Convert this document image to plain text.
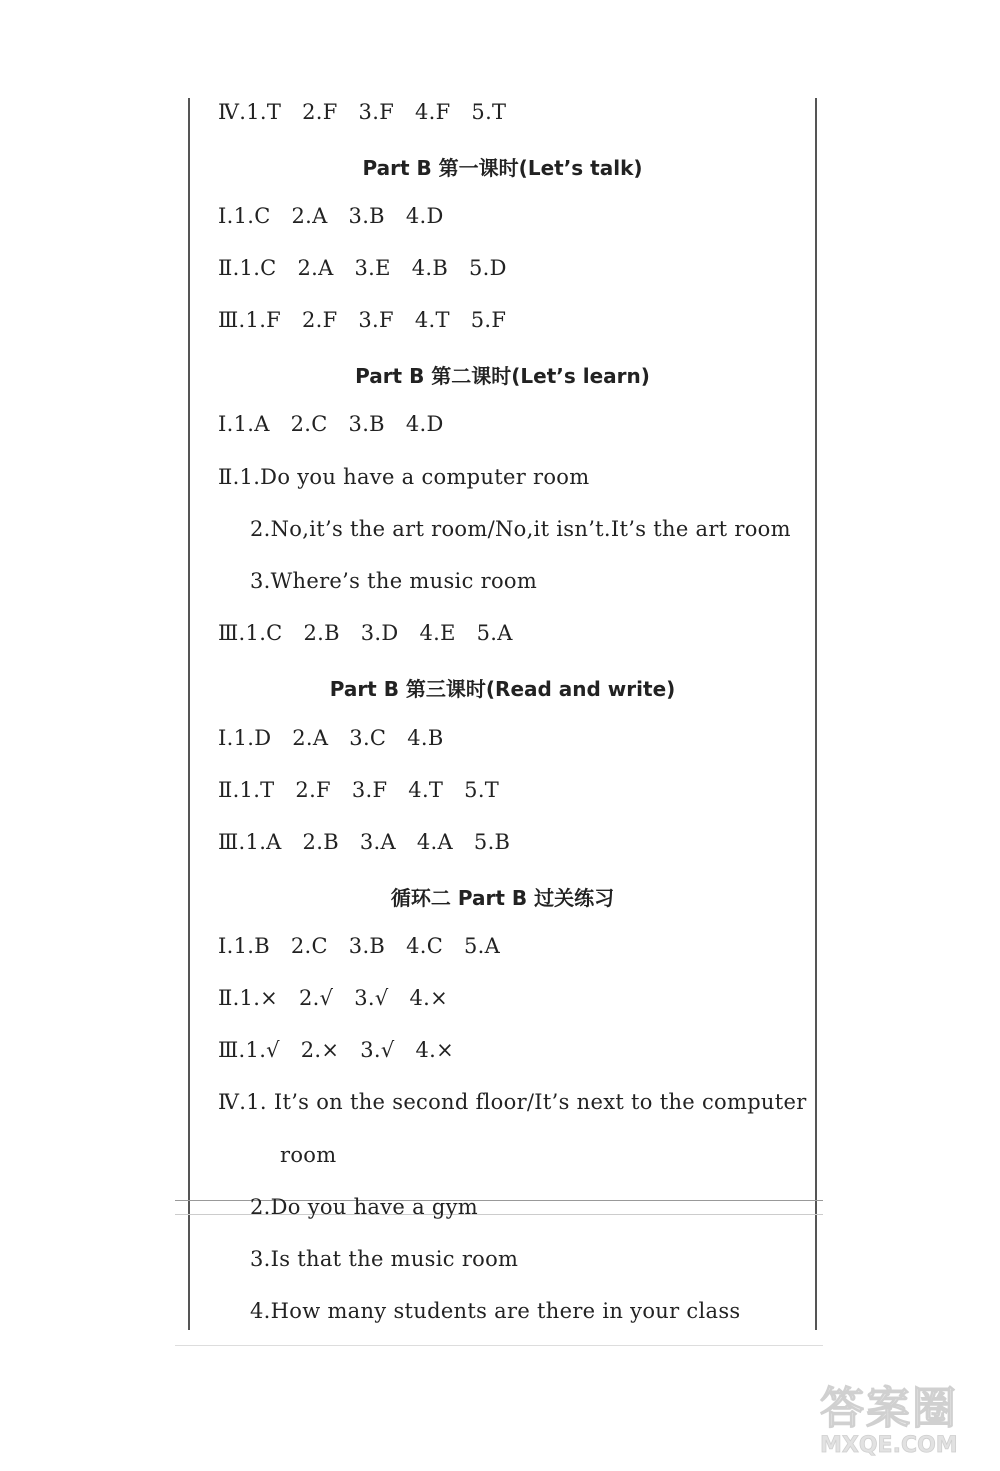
Ⅳ.1.T   2.F   3.F   4.F   5.T
Part B 第一课时(Let’s talk)
Ⅰ.1.C   2.A   3.B   4.D
Ⅱ.1.C   2.A   3.E   4.B   5.D
Ⅲ.1.F   2.F   3.F   4.T   5.F
Part B 第二课时(Let’s learn)
Ⅰ.1.A   2.C   3.B   4.D
Ⅱ.1.Do you have a computer room
2.No,it’s the art room/No,it isn’t.It’s the art room
3.Where’s the music room
Ⅲ.1.C   2.B   3.D   4.E   5.A
Part B 第三课时(Read and write)
Ⅰ.1.D   2.A   3.C   4.B
Ⅱ.1.T   2.F   3.F   4.T   5.T
Ⅲ.1.A   2.B   3.A   4.A   5.B
循环二 Part B 过关练习
Ⅰ.1.B   2.C   3.B   4.C   5.A
Ⅱ.1.×   2.√   3.√   4.×
Ⅲ.1.√   2.×   3.√   4.×
Ⅳ.1. It’s on the second floor/It’s next to the computer
room
2.Do you have a gym
3.Is that the music room
4.How many students are there in your class
答案圈
MXQE.COM
